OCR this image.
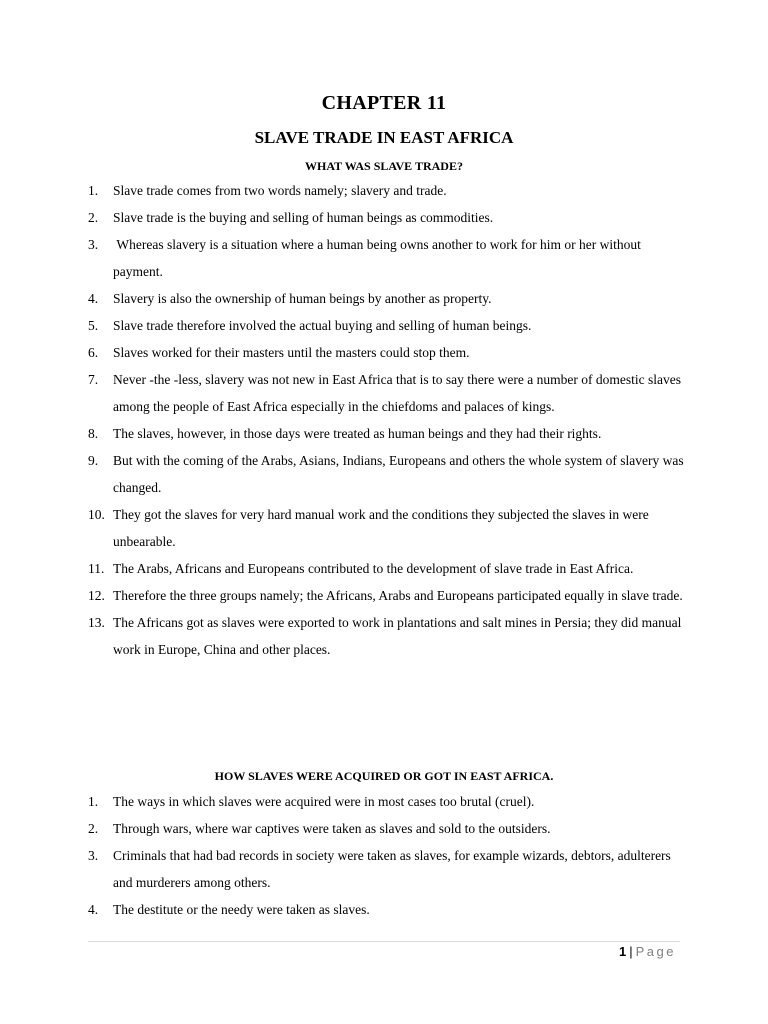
CHAPTER 11
SLAVE TRADE IN EAST AFRICA
WHAT WAS SLAVE TRADE?
1. Slave trade comes from two words namely; slavery and trade.
2. Slave trade is the buying and selling of human beings as commodities.
3. Whereas slavery is a situation where a human being owns another to work for him or her without payment.
4. Slavery is also the ownership of human beings by another as property.
5. Slave trade therefore involved the actual buying and selling of human beings.
6. Slaves worked for their masters until the masters could stop them.
7. Never -the -less, slavery was not new in East Africa that is to say there were a number of domestic slaves among the people of East Africa especially in the chiefdoms and palaces of kings.
8. The slaves, however, in those days were treated as human beings and they had their rights.
9. But with the coming of the Arabs, Asians, Indians, Europeans and others the whole system of slavery was changed.
10. They got the slaves for very hard manual work and the conditions they subjected the slaves in were unbearable.
11. The Arabs, Africans and Europeans contributed to the development of slave trade in East Africa.
12. Therefore the three groups namely; the Africans, Arabs and Europeans participated equally in slave trade.
13. The Africans got as slaves were exported to work in plantations and salt mines in Persia; they did manual work in Europe, China and other places.
HOW SLAVES WERE ACQUIRED OR GOT IN EAST AFRICA.
1. The ways in which slaves were acquired were in most cases too brutal (cruel).
2. Through wars, where war captives were taken as slaves and sold to the outsiders.
3. Criminals that had bad records in society were taken as slaves, for example wizards, debtors, adulterers and murderers among others.
4. The destitute or the needy were taken as slaves.
1 | Page
